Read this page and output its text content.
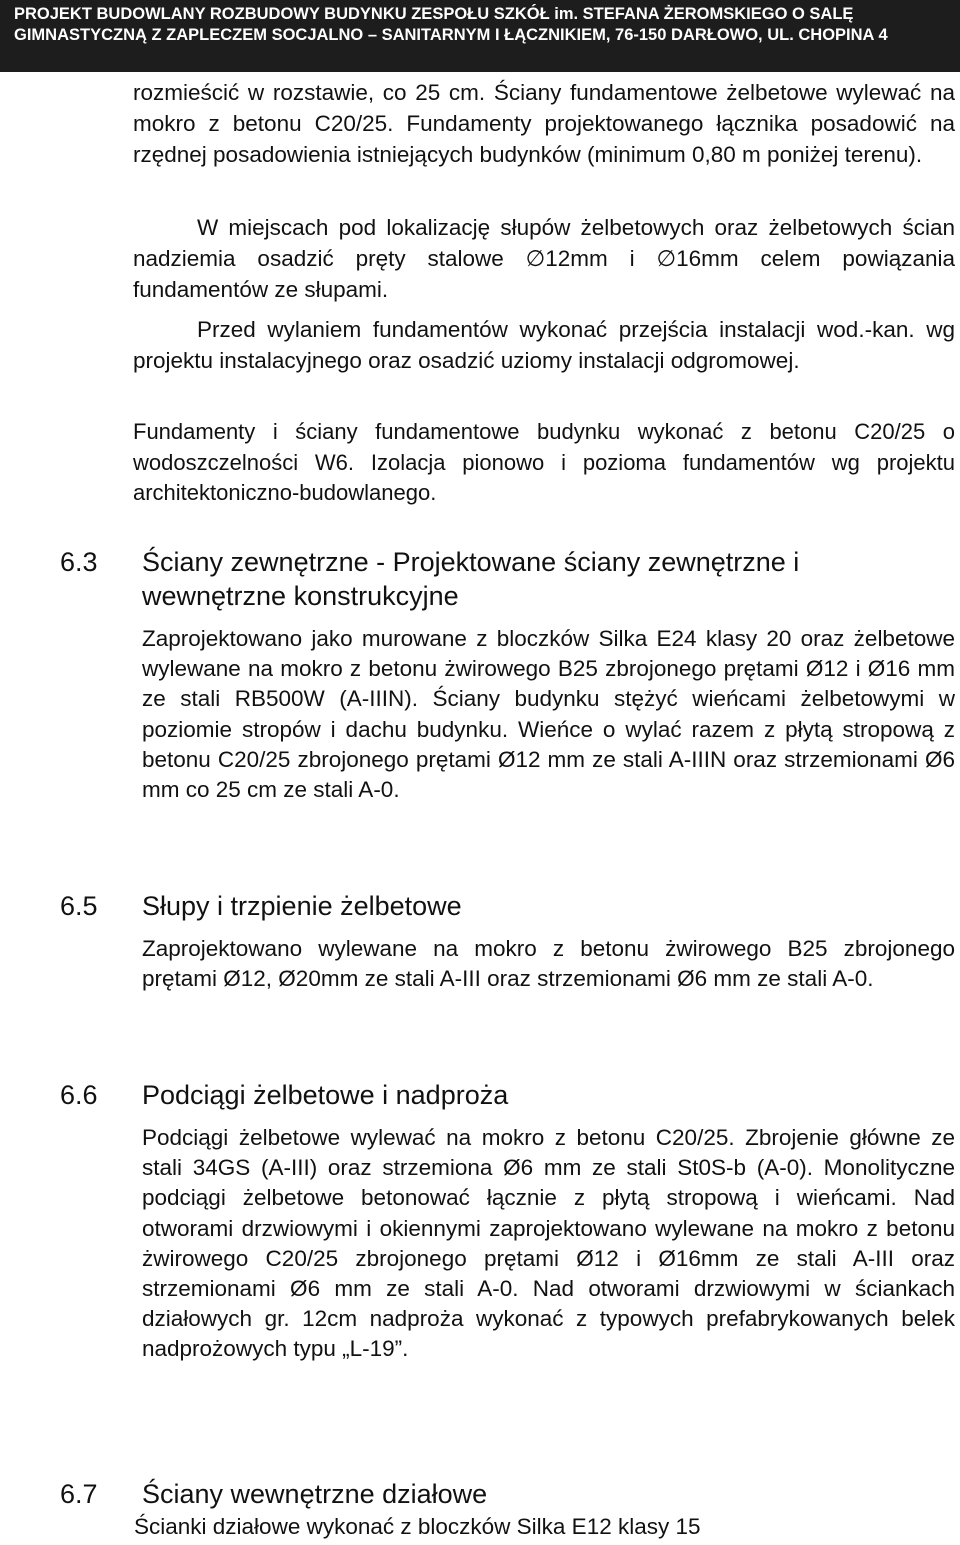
PROJEKT BUDOWLANY ROZBUDOWY BUDYNKU ZESPOŁU SZKÓŁ im. STEFANA ŻEROMSKIEGO O SALĘ
GIMNASTYCZNĄ Z ZAPLECZEM SOCJALNO – SANITARNYM I ŁĄCZNIKIEM, 76-150 DARŁOWO, UL. CHOPINA 4
rozmieścić w rozstawie, co 25 cm. Ściany fundamentowe żelbetowe wylewać na mokro z betonu C20/25. Fundamenty projektowanego łącznika posadowić na rzędnej posadowienia istniejących budynków (minimum 0,80 m poniżej terenu).
W miejscach pod lokalizację słupów żelbetowych oraz żelbetowych ścian nadziemia osadzić pręty stalowe ∅12mm i ∅16mm celem powiązania fundamentów ze słupami.
Przed wylaniem fundamentów wykonać przejścia instalacji wod.-kan. wg projektu instalacyjnego oraz osadzić uziomy instalacji odgromowej.
Fundamenty i ściany fundamentowe budynku wykonać z betonu C20/25 o wodoszczelności W6. Izolacja pionowo i pozioma fundamentów wg projektu architektoniczno-budowlanego.
6.3 Ściany zewnętrzne - Projektowane ściany zewnętrzne i wewnętrzne konstrukcyjne
Zaprojektowano jako murowane z bloczków Silka E24 klasy 20 oraz żelbetowe wylewane na mokro z betonu żwirowego B25 zbrojonego prętami Ø12 i Ø16 mm ze stali RB500W (A-IIIN). Ściany budynku stężyć wieńcami żelbetowymi w poziomie stropów i dachu budynku. Wieńce o wylać razem z płytą stropową z betonu C20/25 zbrojonego prętami Ø12 mm ze stali A-IIIN oraz strzemionami Ø6 mm co 25 cm ze stali A-0.
6.5 Słupy i trzpienie żelbetowe
Zaprojektowano wylewane na mokro z betonu żwirowego B25 zbrojonego prętami Ø12, Ø20mm ze stali A-III oraz strzemionami Ø6 mm ze stali A-0.
6.6 Podciągi żelbetowe i nadproża
Podciągi żelbetowe wylewać na mokro z betonu C20/25. Zbrojenie główne ze stali 34GS (A-III) oraz strzemiona Ø6 mm ze stali St0S-b (A-0). Monolityczne podciągi żelbetowe betonować łącznie z płytą stropową i wieńcami. Nad otworami drzwiowymi i okiennymi zaprojektowano wylewane na mokro z betonu żwirowego C20/25 zbrojonego prętami Ø12 i Ø16mm ze stali A-III oraz strzemionami Ø6 mm ze stali A-0. Nad otworami drzwiowymi w ściankach działowych gr. 12cm nadproża wykonać z typowych prefabrykowanych belek nadprożowych typu „L-19”.
6.7 Ściany wewnętrzne działowe
Ścianki działowe wykonać z bloczków Silka E12 klasy 15
